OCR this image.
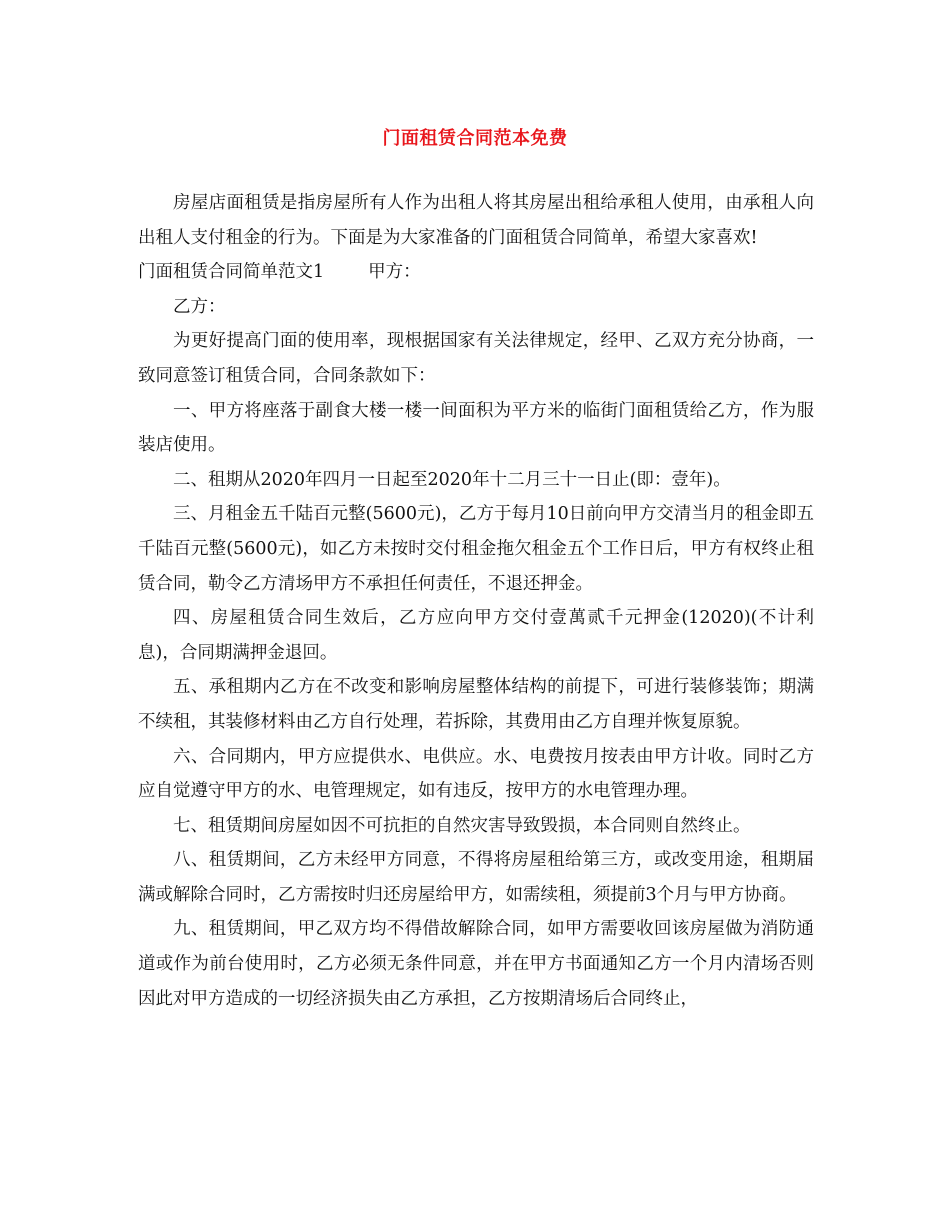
门面租赁合同范本免费

房屋店面租赁是指房屋所有人作为出租人将其房屋出租给承租人使用，由承租人向出租人支付租金的行为。下面是为大家准备的门面租赁合同简单，希望大家喜欢!

门面租赁合同简单范文1	甲方：

乙方：

为更好提高门面的使用率，现根据国家有关法律规定，经甲、乙双方充分协商，一致同意签订租赁合同，合同条款如下：

一、甲方将座落于副食大楼一楼一间面积为平方米的临街门面租赁给乙方，作为服装店使用。

二、租期从2020年四月一日起至2020年十二月三十一日止(即：壹年)。

三、月租金五千陆百元整(5600元)，乙方于每月10日前向甲方交清当月的租金即五千陆百元整(5600元)，如乙方未按时交付租金拖欠租金五个工作日后，甲方有权终止租赁合同，勒令乙方清场甲方不承担任何责任，不退还押金。

四、房屋租赁合同生效后，乙方应向甲方交付壹萬贰千元押金(12020)(不计利息)，合同期满押金退回。

五、承租期内乙方在不改变和影响房屋整体结构的前提下，可进行装修装饰；期满不续租，其装修材料由乙方自行处理，若拆除，其费用由乙方自理并恢复原貌。

六、合同期内，甲方应提供水、电供应。水、电费按月按表由甲方计收。同时乙方应自觉遵守甲方的水、电管理规定，如有违反，按甲方的水电管理办理。

七、租赁期间房屋如因不可抗拒的自然灾害导致毁损，本合同则自然终止。

八、租赁期间，乙方未经甲方同意，不得将房屋租给第三方，或改变用途，租期届满或解除合同时，乙方需按时归还房屋给甲方，如需续租，须提前3个月与甲方协商。

九、租赁期间，甲乙双方均不得借故解除合同，如甲方需要收回该房屋做为消防通道或作为前台使用时，乙方必须无条件同意，并在甲方书面通知乙方一个月内清场否则因此对甲方造成的一切经济损失由乙方承担，乙方按期清场后合同终止，
